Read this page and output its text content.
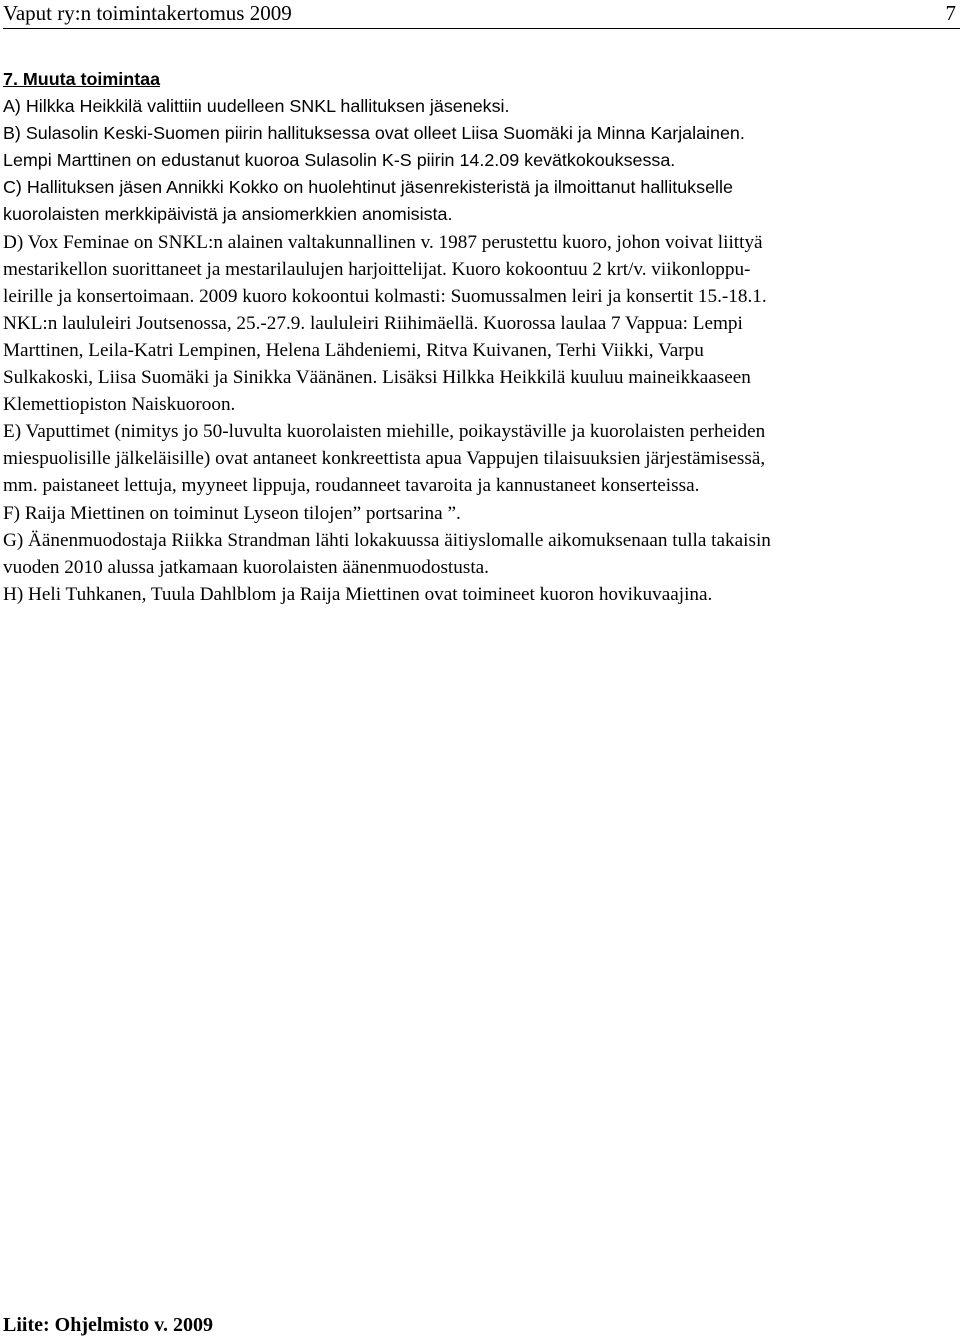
Vaput ry:n toimintakertomus 2009	7
7. Muuta toimintaa
A) Hilkka Heikkilä valittiin uudelleen SNKL hallituksen jäseneksi.
B) Sulasolin Keski-Suomen piirin hallituksessa ovat olleet Liisa Suomäki ja Minna Karjalainen.
Lempi Marttinen on edustanut kuoroa Sulasolin K-S piirin 14.2.09 kevätkokouksessa.
C) Hallituksen jäsen Annikki Kokko on huolehtinut jäsenrekisteristä ja ilmoittanut hallitukselle
kuorolaisten merkkipäivistä ja ansiomerkkien anomisista.
D) Vox Feminae on SNKL:n alainen valtakunnallinen v. 1987 perustettu kuoro, johon voivat liittyä
mestarikellon suorittaneet ja mestarilaulujen harjoittelijat. Kuoro kokoontuu 2 krt/v. viikonloppu-
leirille ja konsertoimaan. 2009 kuoro kokoontui kolmasti: Suomussalmen leiri ja konsertit 15.-18.1.
NKL:n laululeiri Joutsenossa, 25.-27.9. laululeiri Riihimäellä. Kuorossa laulaa 7 Vappua: Lempi
Marttinen, Leila-Katri Lempinen, Helena Lähdeniemi, Ritva Kuivanen, Terhi Viikki, Varpu
Sulkakoski, Liisa Suomäki ja Sinikka Väänänen. Lisäksi Hilkka Heikkilä kuuluu maineikkaaseen
Klemettiopiston Naiskuoroon.
E) Vaputtimet (nimitys jo 50-luvulta kuorolaisten miehille, poikaystäville ja kuorolaisten perheiden
miespuolisille jälkeläisille) ovat antaneet konkreettista apua Vappujen tilaisuuksien järjestämisessä,
mm. paistaneet lettuja, myyneet lippuja, roudanneet tavaroita ja kannustaneet konserteissa.
F) Raija Miettinen on toiminut Lyseon tilojen” portsarina ”.
G) Äänenmuodostaja Riikka Strandman lähti lokakuussa äitiyslomalle aikomuksenaan tulla takaisin
vuoden 2010 alussa jatkamaan kuorolaisten äänenmuodostusta.
H) Heli Tuhkanen, Tuula Dahlblom ja Raija Miettinen ovat toimineet kuoron hovikuvaajina.
Liite: Ohjelmisto v. 2009
